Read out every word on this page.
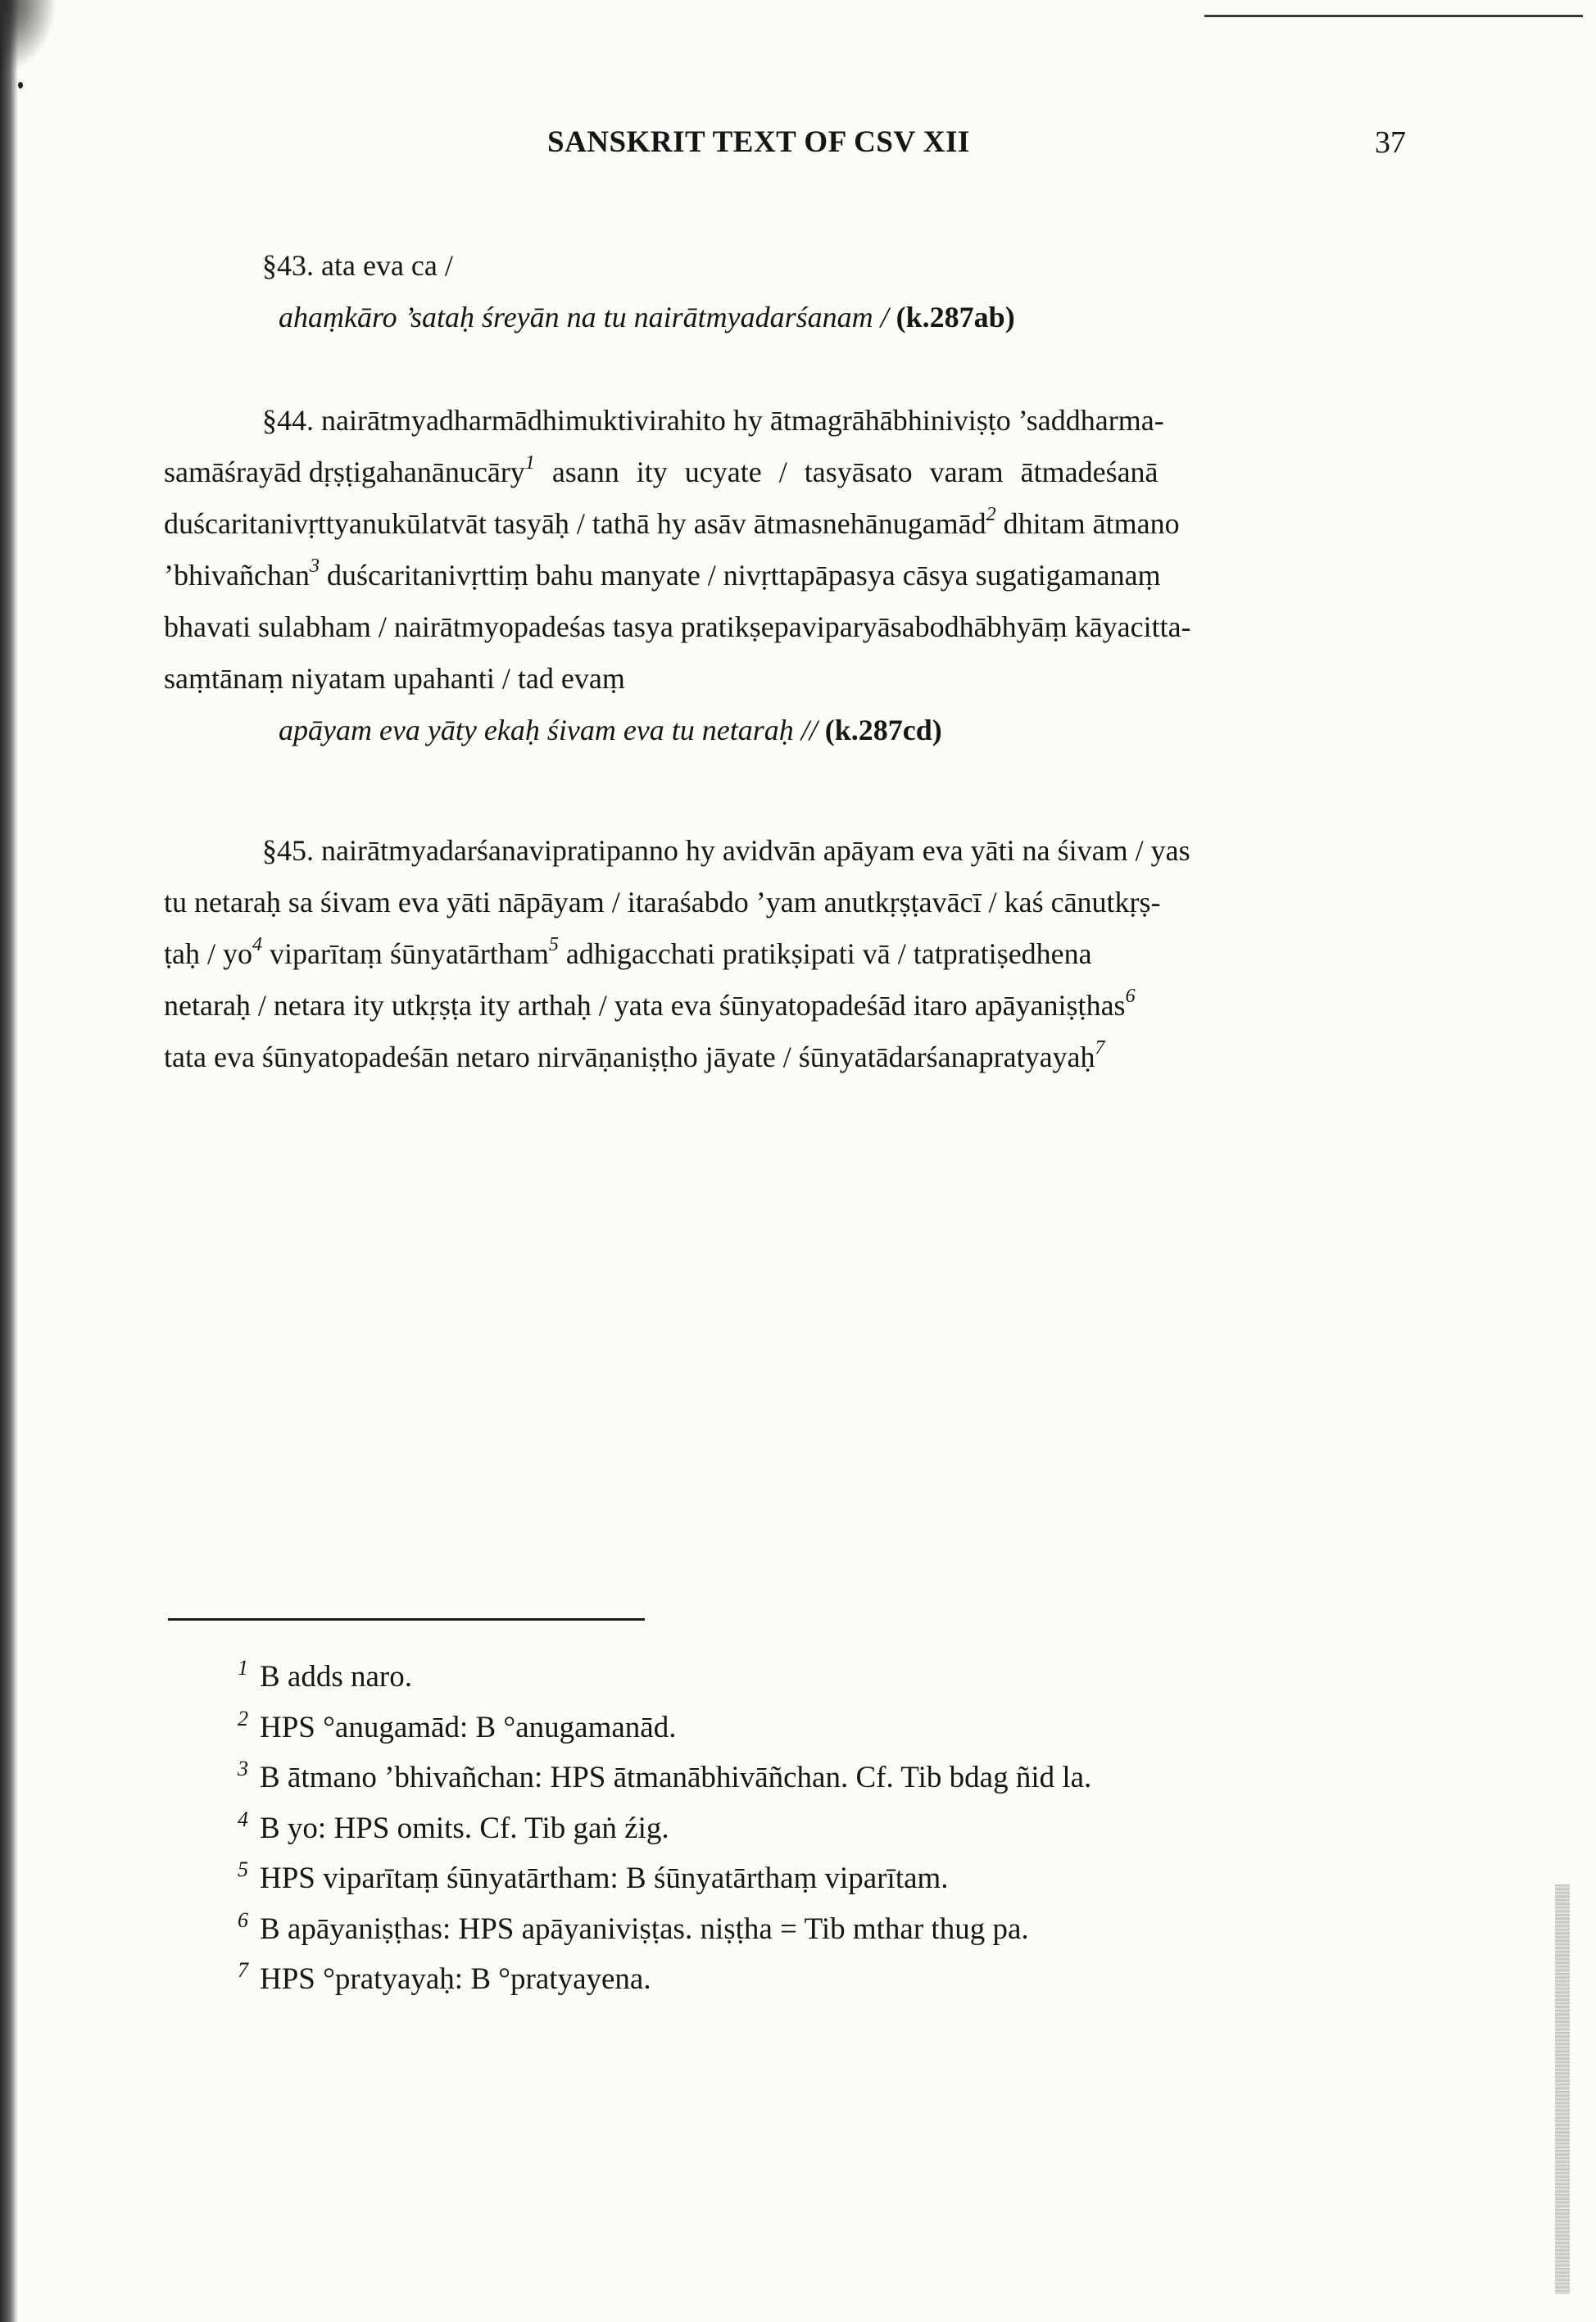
SANSKRIT TEXT OF CSV XII	37
§43. ata eva ca /
ahaṃkāro ’sataḥ śreyān na tu nairātmyadarśanam / (k.287ab)
§44. nairātmyadharmādhimuktivirahito hy ātmagrāhābhiniviṣṭo ’saddharma-
samāśrayād dṛṣṭigahanānucāry$^1$ asann ity ucyate / tasyāsato varam ātmadeśanā
duścaritanivṛttyanukūlatvāt tasyāḥ / tathā hy asāv ātmasnehānugamād$^2$ dhitam ātmano
’bhivañchan$^3$ duścaritanivṛttiṃ bahu manyate / nivṛttapāpasya cāsya sugatigamanaṃ
bhavati sulabham / nairātmyopadeśas tasya pratikṣepaviparyāsabodhābhyāṃ kāyacitta-
saṃtānaṃ niyatam upahanti / tad evaṃ
apāyam eva yāty ekaḥ śivam eva tu netaraḥ // (k.287cd)
§45. nairātmyadarśanavipratipanno hy avidvān apāyam eva yāti na śivam / yas
tu netaraḥ sa śivam eva yāti nāpāyam / itaraśabdo ’yam anutkṛṣṭavācī / kaś cānutkṛṣ-
ṭaḥ / $yo^4$ viparītaṃ śūnyatārtham$^5$ adhigacchati pratikṣipati vā / tatpratiṣedhena
netaraḥ / netara ity utkṛṣṭa ity arthaḥ / yata eva śūnyatopadeśād itaro apāyaniṣṭhas$^6$
tata eva śūnyatopadeśān netaro nirvāṇaniṣṭho jāyate / śūnyatādarśanapratyayaḥ$^7$
$^1$ B adds naro.
$^2$ HPS °anugamād: B °anugamanād.
$^3$ B ātmano ’bhivañchan: HPS ātmanābhivāñchan. Cf. Tib bdag ñid la.
$^4$ B yo: HPS omits. Cf. Tib gaṅ źig.
$^5$ HPS viparītaṃ śūnyatārtham: B śūnyatārthaṃ viparītam.
$^6$ B apāyaniṣṭhas: HPS apāyaniviṣṭas. niṣṭha = Tib mthar thug pa.
$^7$ HPS °pratyayaḥ: B °pratyayena.
